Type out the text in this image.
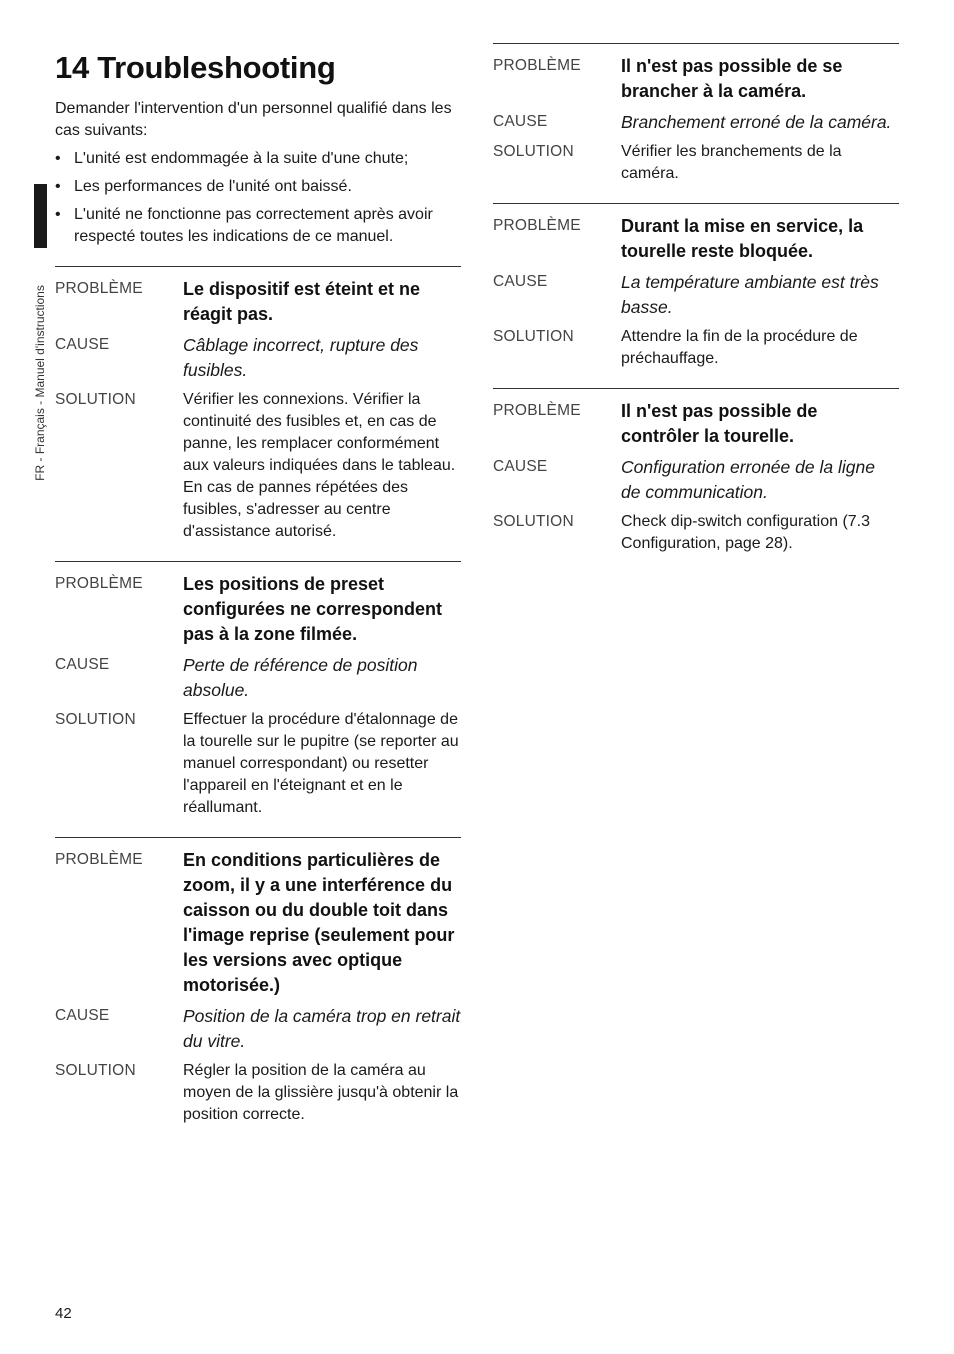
FR - Français - Manuel d'instructions
14 Troubleshooting

Demander l'intervention d'un personnel qualifié dans les cas suivants:

• L'unité est endommagée à la suite d'une chute;
• Les performances de l'unité ont baissé.
• L'unité ne fonctionne pas correctement après avoir respecté toutes les indications de ce manuel.
PROBLÈME	Le dispositif est éteint et ne réagit pas.
CAUSE	Câblage incorrect, rupture des fusibles.
SOLUTION	Vérifier les connexions. Vérifier la continuité des fusibles et, en cas de panne, les remplacer conformément aux valeurs indiquées dans le tableau. En cas de pannes répétées des fusibles, s'adresser au centre d'assistance autorisé.
PROBLÈME	Les positions de preset configurées ne correspondent pas à la zone filmée.
CAUSE	Perte de référence de position absolue.
SOLUTION	Effectuer la procédure d'étalonnage de la tourelle sur le pupitre (se reporter au manuel correspondant) ou resetter l'appareil en l'éteignant et en le réallumant.
PROBLÈME	En conditions particulières de zoom, il y a une interférence du caisson ou du double toit dans l'image reprise (seulement pour les versions avec optique motorisée.)
CAUSE	Position de la caméra trop en retrait du vitre.
SOLUTION	Régler la position de la caméra au moyen de la glissière jusqu'à obtenir la position correcte.
PROBLÈME	Il n'est pas possible de se brancher à la caméra.
CAUSE	Branchement erroné de la caméra.
SOLUTION	Vérifier les branchements de la caméra.
PROBLÈME	Durant la mise en service, la tourelle reste bloquée.
CAUSE	La température ambiante est très basse.
SOLUTION	Attendre la fin de la procédure de préchauffage.
PROBLÈME	Il n'est pas possible de contrôler la tourelle.
CAUSE	Configuration erronée de la ligne de communication.
SOLUTION	Check dip-switch configuration (7.3 Configuration, page 28).
42
